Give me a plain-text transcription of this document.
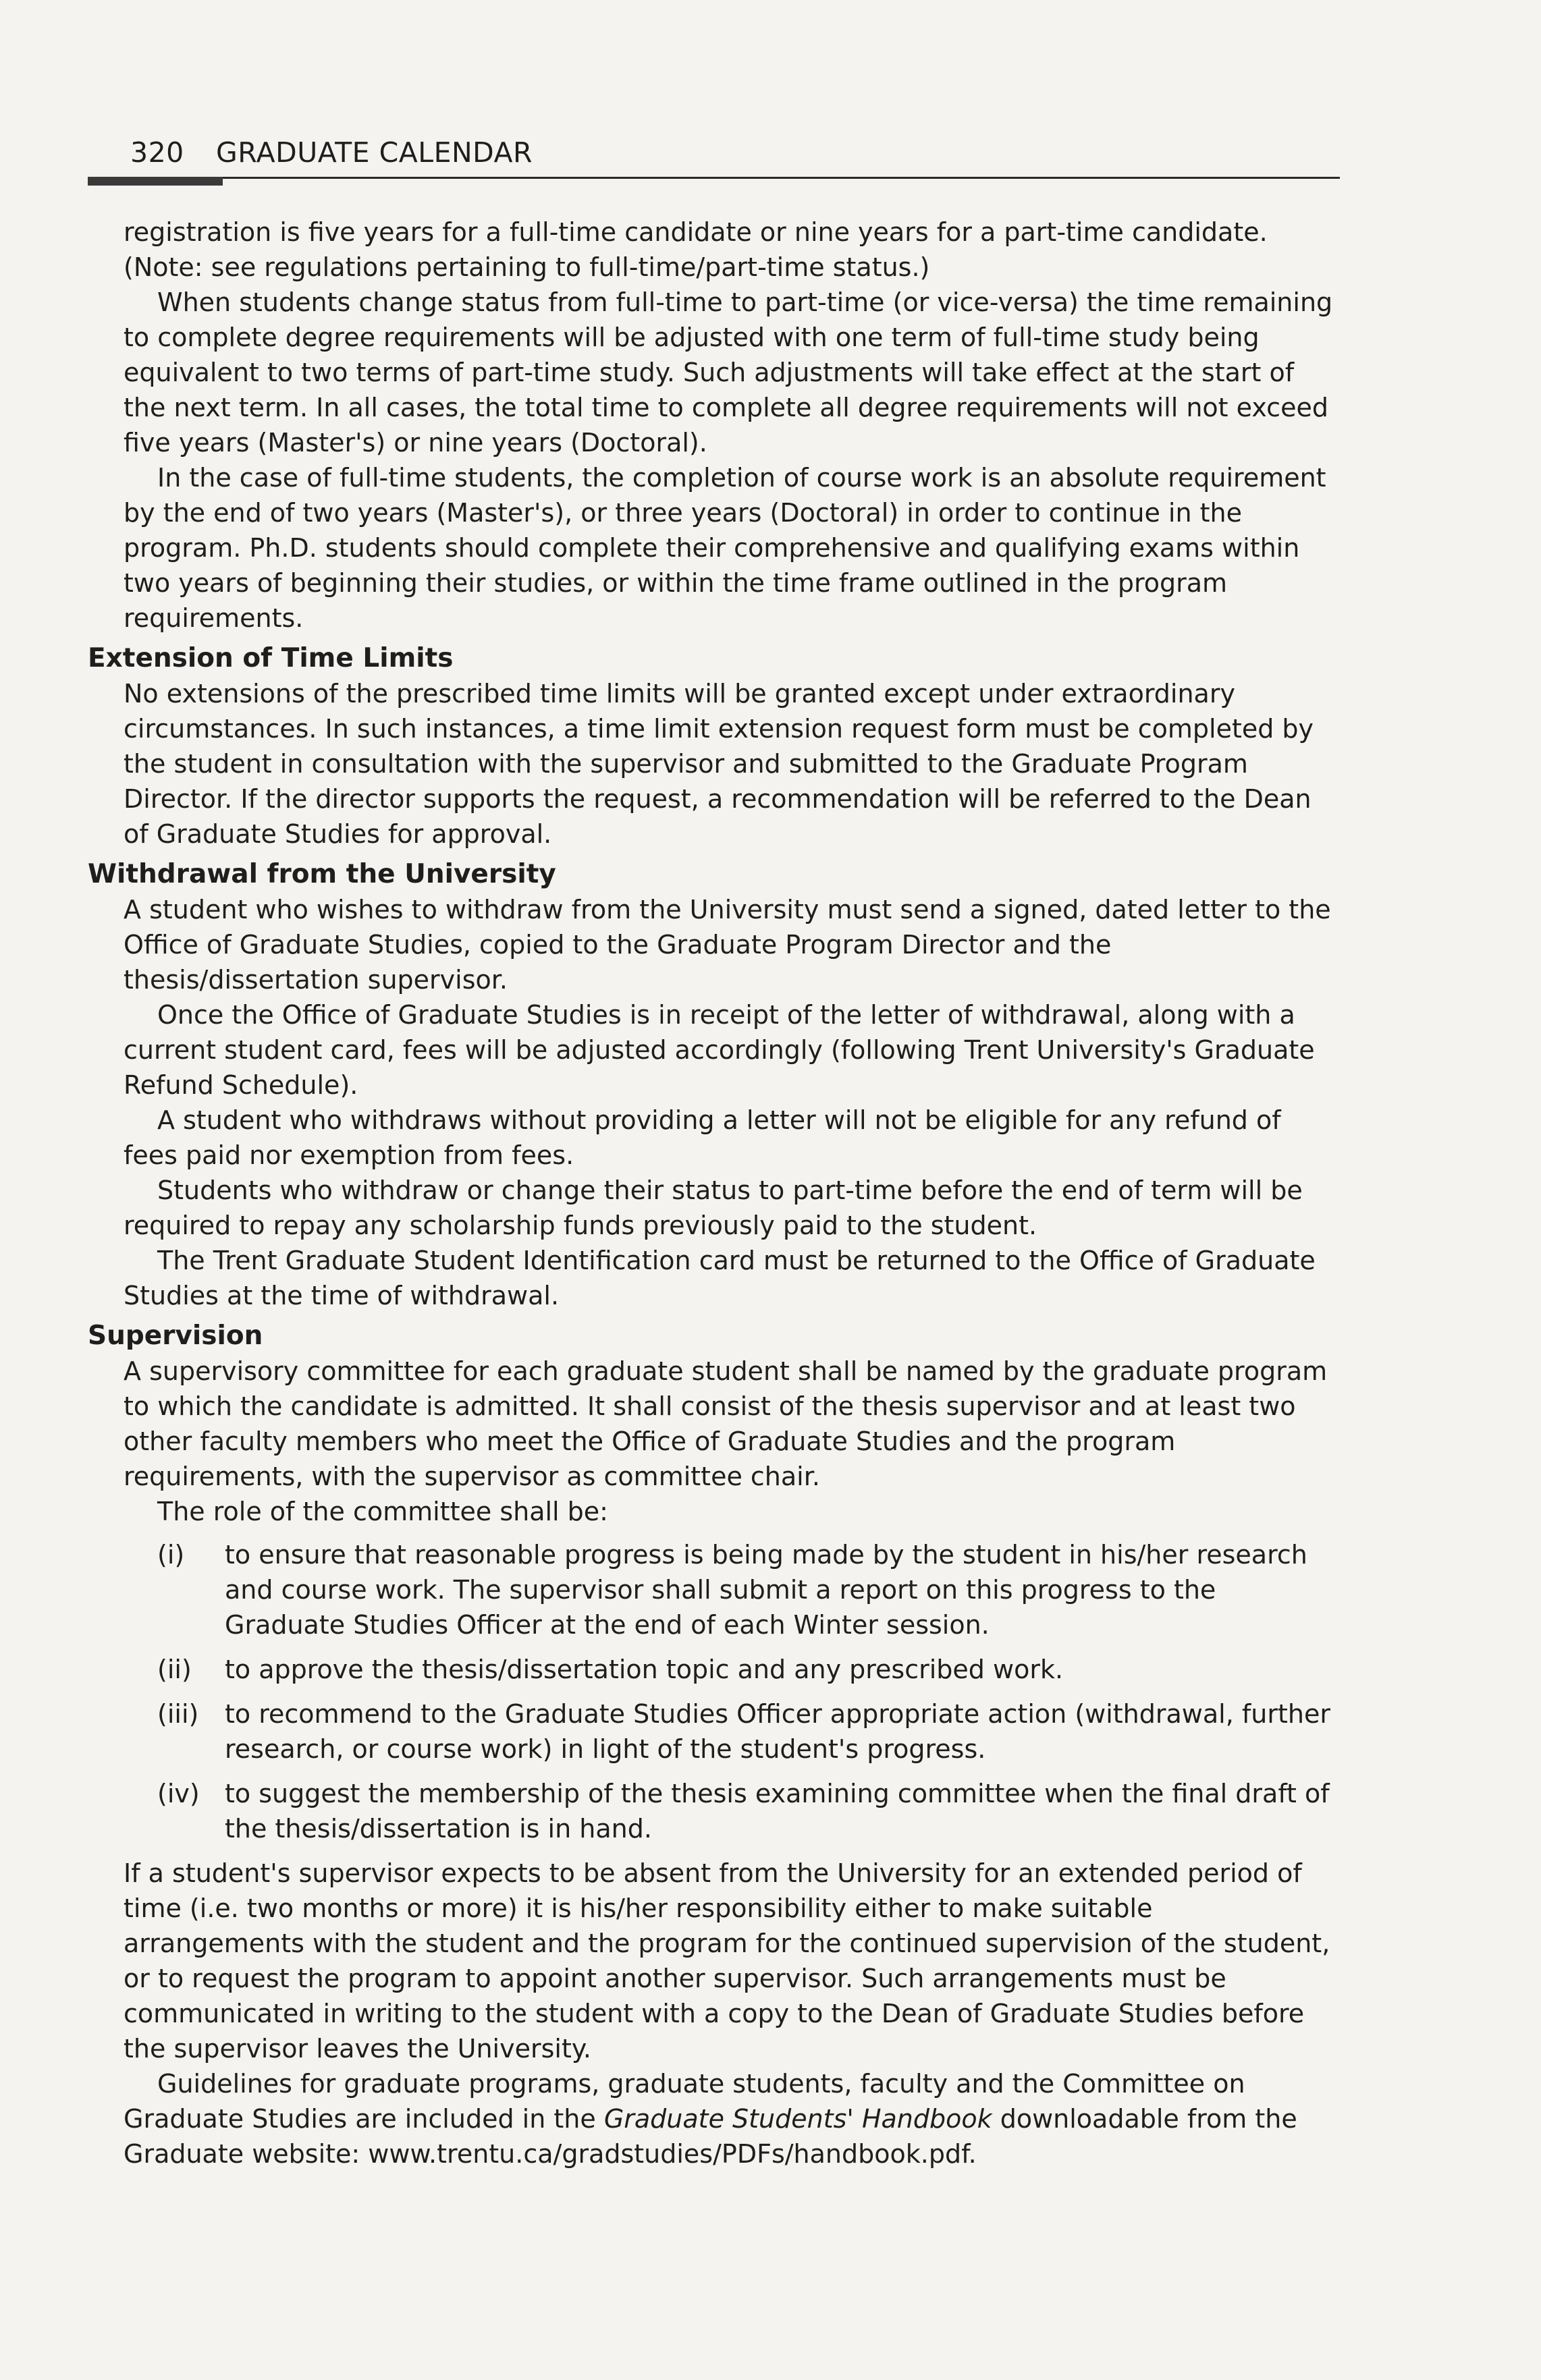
320 GRADUATE CALENDAR

registration is five years for a full-time candidate or nine years for a part-time candidate. (Note: see regulations pertaining to full-time/part-time status.)

When students change status from full-time to part-time (or vice-versa) the time remaining to complete degree requirements will be adjusted with one term of full-time study being equivalent to two terms of part-time study. Such adjustments will take effect at the start of the next term. In all cases, the total time to complete all degree requirements will not exceed five years (Master's) or nine years (Doctoral).

In the case of full-time students, the completion of course work is an absolute requirement by the end of two years (Master's), or three years (Doctoral) in order to continue in the program. Ph.D. students should complete their comprehensive and qualifying exams within two years of beginning their studies, or within the time frame outlined in the program requirements.

Extension of Time Limits

No extensions of the prescribed time limits will be granted except under extraordinary circumstances. In such instances, a time limit extension request form must be completed by the student in consultation with the supervisor and submitted to the Graduate Program Director. If the director supports the request, a recommendation will be referred to the Dean of Graduate Studies for approval.

Withdrawal from the University

A student who wishes to withdraw from the University must send a signed, dated letter to the Office of Graduate Studies, copied to the Graduate Program Director and the thesis/dissertation supervisor.

Once the Office of Graduate Studies is in receipt of the letter of withdrawal, along with a current student card, fees will be adjusted accordingly (following Trent University's Graduate Refund Schedule).

A student who withdraws without providing a letter will not be eligible for any refund of fees paid nor exemption from fees.

Students who withdraw or change their status to part-time before the end of term will be required to repay any scholarship funds previously paid to the student.

The Trent Graduate Student Identification card must be returned to the Office of Graduate Studies at the time of withdrawal.

Supervision

A supervisory committee for each graduate student shall be named by the graduate program to which the candidate is admitted. It shall consist of the thesis supervisor and at least two other faculty members who meet the Office of Graduate Studies and the program requirements, with the supervisor as committee chair.

The role of the committee shall be:

(i)	to ensure that reasonable progress is being made by the student in his/her research and course work. The supervisor shall submit a report on this progress to the Graduate Studies Officer at the end of each Winter session.
(ii)	to approve the thesis/dissertation topic and any prescribed work.
(iii)	to recommend to the Graduate Studies Officer appropriate action (withdrawal, further research, or course work) in light of the student's progress.
(iv) to suggest the membership of the thesis examining committee when the final draft of the thesis/dissertation is in hand.

If a student's supervisor expects to be absent from the University for an extended period of time (i.e. two months or more) it is his/her responsibility either to make suitable arrangements with the student and the program for the continued supervision of the student, or to request the program to appoint another supervisor. Such arrangements must be communicated in writing to the student with a copy to the Dean of Graduate Studies before the supervisor leaves the University.

Guidelines for graduate programs, graduate students, faculty and the Committee on Graduate Studies are included in the Graduate Students' Handbook downloadable from the Graduate website: www.trentu.ca/gradstudies/PDFs/handbook.pdf.
